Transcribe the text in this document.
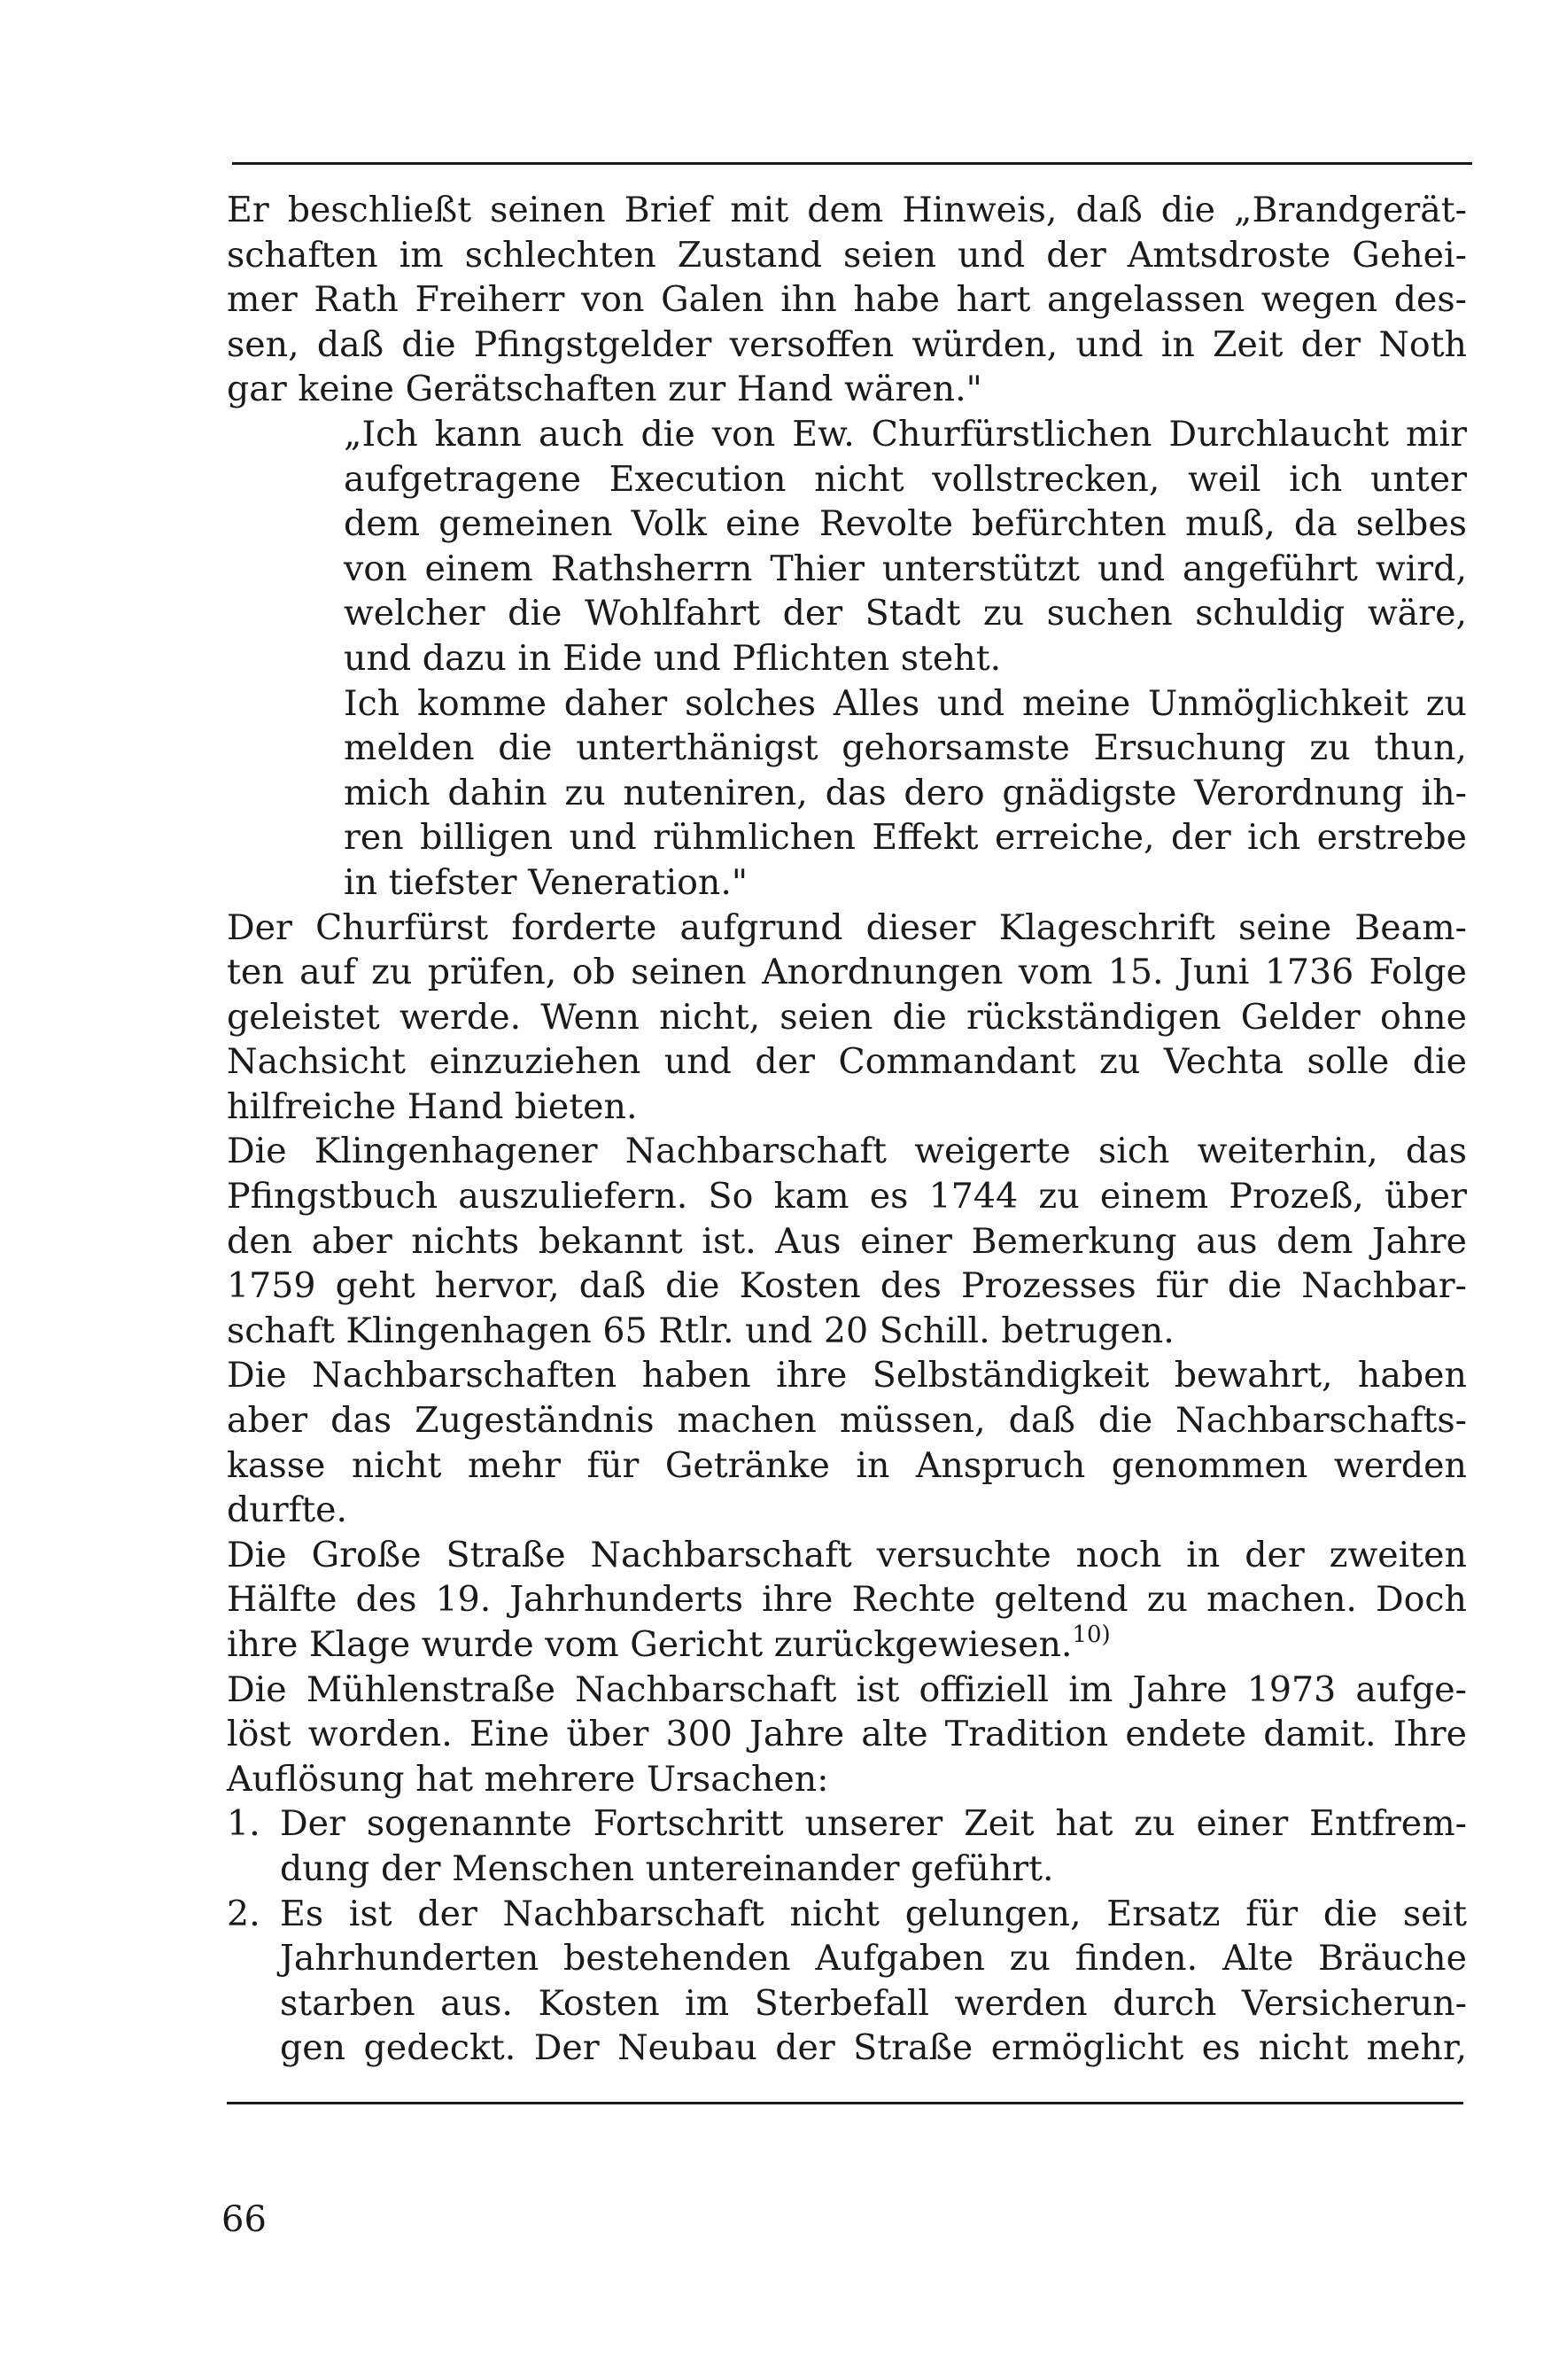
Er beschließt seinen Brief mit dem Hinweis, daß die „Brandgerät-
schaften im schlechten Zustand seien und der Amtsdroste Gehei-
mer Rath Freiherr von Galen ihn habe hart angelassen wegen des-
sen, daß die Pfingstgelder versoffen würden, und in Zeit der Noth
gar keine Gerätschaften zur Hand wären."
„Ich kann auch die von Ew. Churfürstlichen Durchlaucht mir
aufgetragene Execution nicht vollstrecken, weil ich unter
dem gemeinen Volk eine Revolte befürchten muß, da selbes
von einem Rathsherrn Thier unterstützt und angeführt wird,
welcher die Wohlfahrt der Stadt zu suchen schuldig wäre,
und dazu in Eide und Pflichten steht.
Ich komme daher solches Alles und meine Unmöglichkeit zu
melden die unterthänigst gehorsamste Ersuchung zu thun,
mich dahin zu nuteniren, das dero gnädigste Verordnung ih-
ren billigen und rühmlichen Effekt erreiche, der ich erstrebe
in tiefster Veneration."
Der Churfürst forderte aufgrund dieser Klageschrift seine Beam-
ten auf zu prüfen, ob seinen Anordnungen vom 15. Juni 1736 Folge
geleistet werde. Wenn nicht, seien die rückständigen Gelder ohne
Nachsicht einzuziehen und der Commandant zu Vechta solle die
hilfreiche Hand bieten.
Die Klingenhagener Nachbarschaft weigerte sich weiterhin, das
Pfingstbuch auszuliefern. So kam es 1744 zu einem Prozeß, über
den aber nichts bekannt ist. Aus einer Bemerkung aus dem Jahre
1759 geht hervor, daß die Kosten des Prozesses für die Nachbar-
schaft Klingenhagen 65 Rtlr. und 20 Schill. betrugen.
Die Nachbarschaften haben ihre Selbständigkeit bewahrt, haben
aber das Zugeständnis machen müssen, daß die Nachbarschafts-
kasse nicht mehr für Getränke in Anspruch genommen werden
durfte.
Die Große Straße Nachbarschaft versuchte noch in der zweiten
Hälfte des 19. Jahrhunderts ihre Rechte geltend zu machen. Doch
ihre Klage wurde vom Gericht zurückgewiesen.$^{10)}$
Die Mühlenstraße Nachbarschaft ist offiziell im Jahre 1973 aufge-
löst worden. Eine über 300 Jahre alte Tradition endete damit. Ihre
Auflösung hat mehrere Ursachen:
1. Der sogenannte Fortschritt unserer Zeit hat zu einer Entfrem-
dung der Menschen untereinander geführt.
2. Es ist der Nachbarschaft nicht gelungen, Ersatz für die seit
Jahrhunderten bestehenden Aufgaben zu finden. Alte Bräuche
starben aus. Kosten im Sterbefall werden durch Versicherun-
gen gedeckt. Der Neubau der Straße ermöglicht es nicht mehr,
66
